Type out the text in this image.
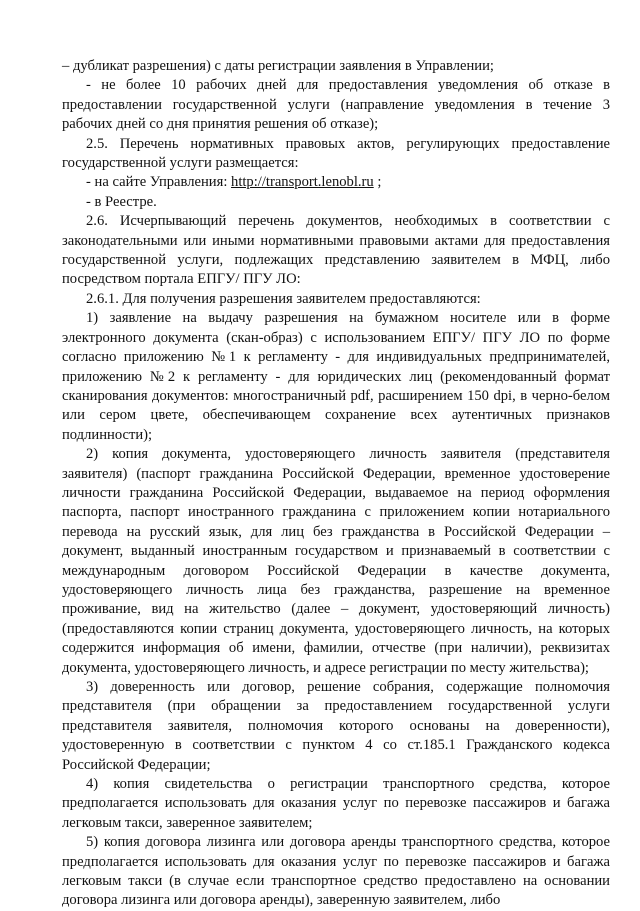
– дубликат разрешения) с даты регистрации заявления в Управлении;

- не более 10 рабочих дней для предоставления уведомления об отказе в предоставлении государственной услуги (направление уведомления в течение 3 рабочих дней со дня принятия решения об отказе);

2.5. Перечень нормативных правовых актов, регулирующих предоставление государственной услуги размещается:

- на сайте Управления: http://transport.lenobl.ru ;

- в Реестре.

2.6. Исчерпывающий перечень документов, необходимых в соответствии с законодательными или иными нормативными правовыми актами для предоставления государственной услуги, подлежащих представлению заявителем в МФЦ, либо посредством портала ЕПГУ/ ПГУ ЛО:

2.6.1. Для получения разрешения заявителем предоставляются:

1) заявление на выдачу разрешения на бумажном носителе или в форме электронного документа (скан-образ) с использованием ЕПГУ/ ПГУ ЛО по форме согласно приложению №1 к регламенту - для индивидуальных предпринимателей, приложению №2 к регламенту - для юридических лиц (рекомендованный формат сканирования документов: многостраничный pdf, расширением 150 dpi, в черно-белом или сером цвете, обеспечивающем сохранение всех аутентичных признаков подлинности);

2) копия документа, удостоверяющего личность заявителя (представителя заявителя) (паспорт гражданина Российской Федерации, временное удостоверение личности гражданина Российской Федерации, выдаваемое на период оформления паспорта, паспорт иностранного гражданина с приложением копии нотариального перевода на русский язык, для лиц без гражданства в Российской Федерации – документ, выданный иностранным государством и признаваемый в соответствии с международным договором Российской Федерации в качестве документа, удостоверяющего личность лица без гражданства, разрешение на временное проживание, вид на жительство (далее – документ, удостоверяющий личность) (предоставляются копии страниц документа, удостоверяющего личность, на которых содержится информация об имени, фамилии, отчестве (при наличии), реквизитах документа, удостоверяющего личность, и адресе регистрации по месту жительства);

3) доверенность или договор, решение собрания, содержащие полномочия представителя (при обращении за предоставлением государственной услуги представителя заявителя, полномочия которого основаны на доверенности), удостоверенную в соответствии с пунктом 4 со ст.185.1 Гражданского кодекса Российской Федерации;

4) копия свидетельства о регистрации транспортного средства, которое предполагается использовать для оказания услуг по перевозке пассажиров и багажа легковым такси, заверенное заявителем;

5) копия договора лизинга или договора аренды транспортного средства, которое предполагается использовать для оказания услуг по перевозке пассажиров и багажа легковым такси (в случае если транспортное средство предоставлено на основании договора лизинга или договора аренды), заверенную заявителем, либо
